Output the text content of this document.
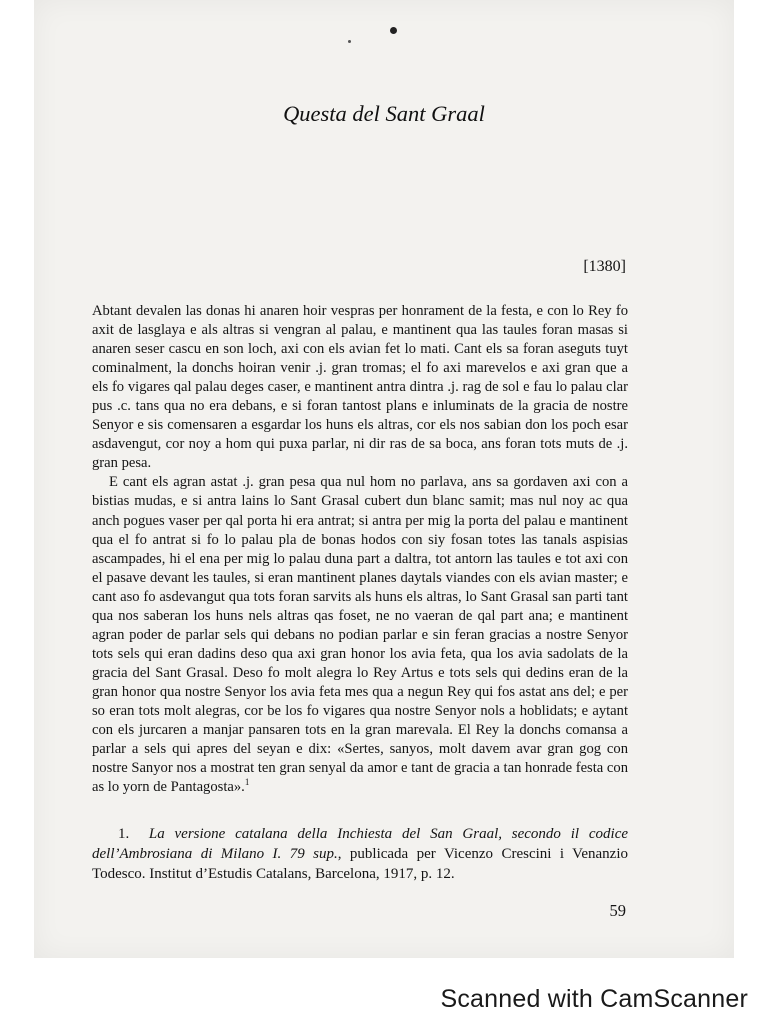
Questa del Sant Graal
[1380]

Abtant devalen las donas hi anaren hoir vespras per honrament de la festa, e con lo Rey fo axit de lasglaya e als altras si vengran al palau, e mantinent qua las taules foran masas si anaren seser cascu en son loch, axi con els avian fet lo mati. Cant els sa foran aseguts tuyt cominalment, la donchs hoiran venir .j. gran tromas; el fo axi marevelos e axi gran que a els fo vigares qal palau deges caser, e mantinent antra dintra .j. rag de sol e fau lo palau clar pus .c. tans qua no era debans, e si foran tantost plans e inluminats de la gracia de nostre Senyor e sis comensaren a esgardar los huns els altras, cor els nos sabian don los poch esar asdavengut, cor noy a hom qui puxa parlar, ni dir ras de sa boca, ans foran tots muts de .j. gran pesa.

E cant els agran astat .j. gran pesa qua nul hom no parlava, ans sa gordaven axi con a bistias mudas, e si antra lains lo Sant Grasal cubert dun blanc samit; mas nul noy ac qua anch pogues vaser per qal porta hi era antrat; si antra per mig la porta del palau e mantinent qua el fo antrat si fo lo palau pla de bonas hodos con siy fosan totes las tanals aspisias ascampades, hi el ena per mig lo palau duna part a daltra, tot antorn las taules e tot axi con el pasave devant les taules, si eran mantinent planes daytals viandes con els avian master; e cant aso fo asdevangut qua tots foran sarvits als huns els altras, lo Sant Grasal san parti tant qua nos saberan los huns nels altras qas foset, ne no vaeran de qal part ana; e mantinent agran poder de parlar sels qui debans no podian parlar e sin feran gracias a nostre Senyor tots sels qui eran dadins deso qua axi gran honor los avia feta, qua los avia sadolats de la gracia del Sant Grasal. Deso fo molt alegra lo Rey Artus e tots sels qui dedins eran de la gran honor qua nostre Senyor los avia feta mes qua a negun Rey qui fos astat ans del; e per so eran tots molt alegras, cor be los fo vigares qua nostre Senyor nols a hoblidats; e aytant con els jurcaren a manjar pansaren tots en la gran marevala. El Rey la donchs comansa a parlar a sels qui apres del seyan e dix: «Sertes, sanyos, molt davem avar gran gog con nostre Sanyor nos a mostrat ten gran senyal da amor e tant de gracia a tan honrade festa con as lo yorn de Pantagosta».$^1$

1. La versione catalana della Inchiesta del San Graal, secondo il codice dell’Ambrosiana di Milano I. 79 sup., publicada per Vicenzo Crescini i Venanzio Todesco. Institut d’Estudis Catalans, Barcelona, 1917, p. 12.

59
Scanned with CamScanner
